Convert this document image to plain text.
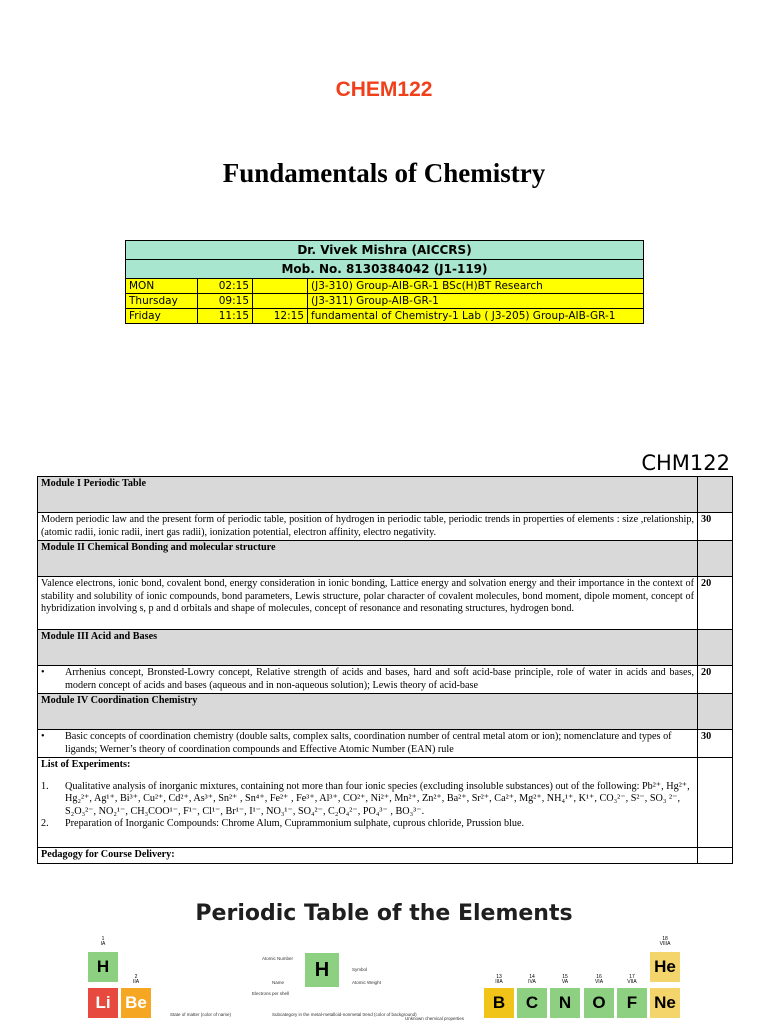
CHEM122
Fundamentals of Chemistry
Dr. Vivek Mishra (AICCRS)			
Mob. No. 8130384042 (J1-119)			
MON	02:15		(J3-310) Group-AIB-GR-1 BSc(H)BT Research
Thursday	09:15		(J3-311) Group-AIB-GR-1
Friday	11:15	12:15	fundamental of Chemistry-1 Lab ( J3-205) Group-AIB-GR-1
CHM122
Module I Periodic Table	
Modern periodic law and the present form of periodic table, position of hydrogen in periodic table, periodic trends in properties of elements : size ,relationship,(atomic radii, ionic radii, inert gas radii), ionization potential, electron affinity, electro negativity.	30
Module II Chemical Bonding and molecular structure	
Valence electrons, ionic bond, covalent bond, energy consideration in ionic bonding, Lattice energy and solvation energy and their importance in the context of stability and solubility of ionic compounds, bond parameters, Lewis structure, polar character of covalent molecules, bond moment, dipole moment, concept of hybridization involving s, p and d orbitals and shape of molecules, concept of resonance and resonating structures, hydrogen bond.	20
Module III Acid and Bases	

• Arrhenius concept, Bronsted-Lowry concept, Relative strength of acids and bases, hard and soft acid-base principle, role of water in acids and bases, modern concept of acids and bases (aqueous and in non-aqueous solution); Lewis theory of acid-base	20
Module IV Coordination Chemistry	

• Basic concepts of coordination chemistry (double salts, complex salts, coordination number of central metal atom or ion); nomenclature and types of ligands; Werner’s theory of coordination compounds and Effective Atomic Number (EAN) rule	30

List of Experiments:
1. Qualitative analysis of inorganic mixtures, containing not more than four ionic species (excluding insoluble substances) out of the following: Pb²⁺, Hg²⁺, Hg₂²⁺, Ag¹⁺, Bi³⁺, Cu²⁺, Cd²⁺, As³⁺, Sn²⁺ , Sn⁴⁺, Fe²⁺ , Fe³⁺, Al³⁺, CO²⁺, Ni²⁺, Mn²⁺, Zn²⁺, Ba²⁺, Sr²⁺, Ca²⁺, Mg²⁺, NH₄¹⁺, K¹⁺, CO₃²⁻, S²⁻, SO₃ ²⁻, S₂O₃²⁻, NO₂¹⁻, CH₃COO¹⁻, F¹⁻, Cl¹⁻, Br¹⁻, I¹⁻, NO₃¹⁻, SO₄²⁻, C₂O₄²⁻, PO₄³⁻ , BO₃³⁻.
2. Preparation of Inorganic Compounds: Chrome Alum, Cuprammonium sulphate, cuprous chloride, Prussion blue.	

Pedagogy for Course Delivery:	
Periodic Table of the Elements
1
IA
2
IIA
18
VIIIA
13
IIIA
14
IVA
15
VA
16
VIA
17
VIIA
H	He
Li Be	B	C	N	O	F Ne
H
Atomic Number
Symbol
Name	Atomic Weight
Electrons per shell
State of matter (color of name)	Subcategory in the metal-metalloid-nonmetal trend (color of background)
Unknown chemical properties
